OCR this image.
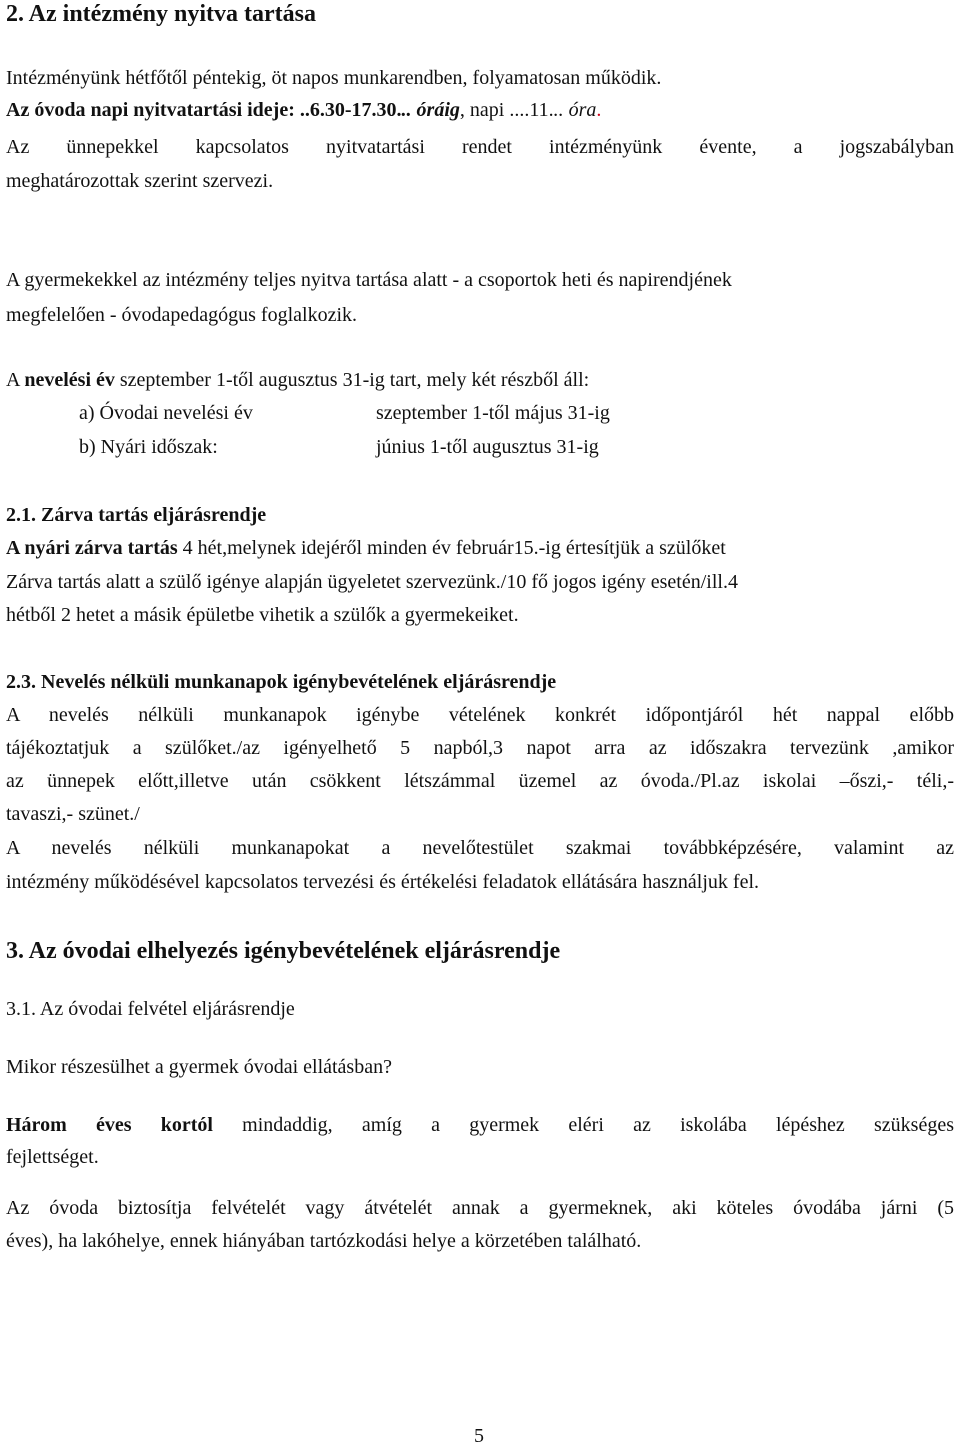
2. Az intézmény nyitva tartása
Intézményünk hétfőtől péntekig, öt napos munkarendben, folyamatosan működik.
Az óvoda napi nyitvatartási ideje: ..6.30-17.30... óráig, napi ....11... óra.
Az ünnepekkel kapcsolatos nyitvatartási rendet intézményünk évente, a jogszabályban
meghatározottak szerint szervezi.
A gyermekekkel az intézmény teljes nyitva tartása alatt - a csoportok heti és napirendjének
megfelelően - óvodapedagógus foglalkozik.
A nevelési év szeptember 1-től augusztus 31-ig tart, mely két részből áll:
a) Óvodai nevelési év	szeptember 1-től május 31-ig
b) Nyári időszak:	június 1-től augusztus 31-ig
2.1. Zárva tartás eljárásrendje
A nyári zárva tartás 4 hét,melynek idejéről minden év február15.-ig értesítjük a szülőket
Zárva tartás alatt a szülő igénye alapján ügyeletet szervezünk./10 fő jogos igény esetén/ill.4
hétből 2 hetet a másik épületbe vihetik a szülők a gyermekeiket.
2.3. Nevelés nélküli munkanapok igénybevételének eljárásrendje
A nevelés nélküli munkanapok igénybe vételének konkrét időpontjáról hét nappal előbb
tájékoztatjuk a szülőket./az igényelhető 5 napból,3 napot arra az időszakra tervezünk ,amikor
az ünnepek előtt,illetve után csökkent létszámmal üzemel az óvoda./Pl.az iskolai –őszi,- téli,-
tavaszi,- szünet./
A nevelés nélküli munkanapokat a nevelőtestület szakmai továbbképzésére, valamint az
intézmény működésével kapcsolatos tervezési és értékelési feladatok ellátására használjuk fel.
3. Az óvodai elhelyezés igénybevételének eljárásrendje
3.1. Az óvodai felvétel eljárásrendje
Mikor részesülhet a gyermek óvodai ellátásban?
Három éves kortól mindaddig, amíg a gyermek eléri az iskolába lépéshez szükséges
fejlettséget.
Az óvoda biztosítja felvételét vagy átvételét annak a gyermeknek, aki köteles óvodába járni (5
éves), ha lakóhelye, ennek hiányában tartózkodási helye a körzetében található.
5
